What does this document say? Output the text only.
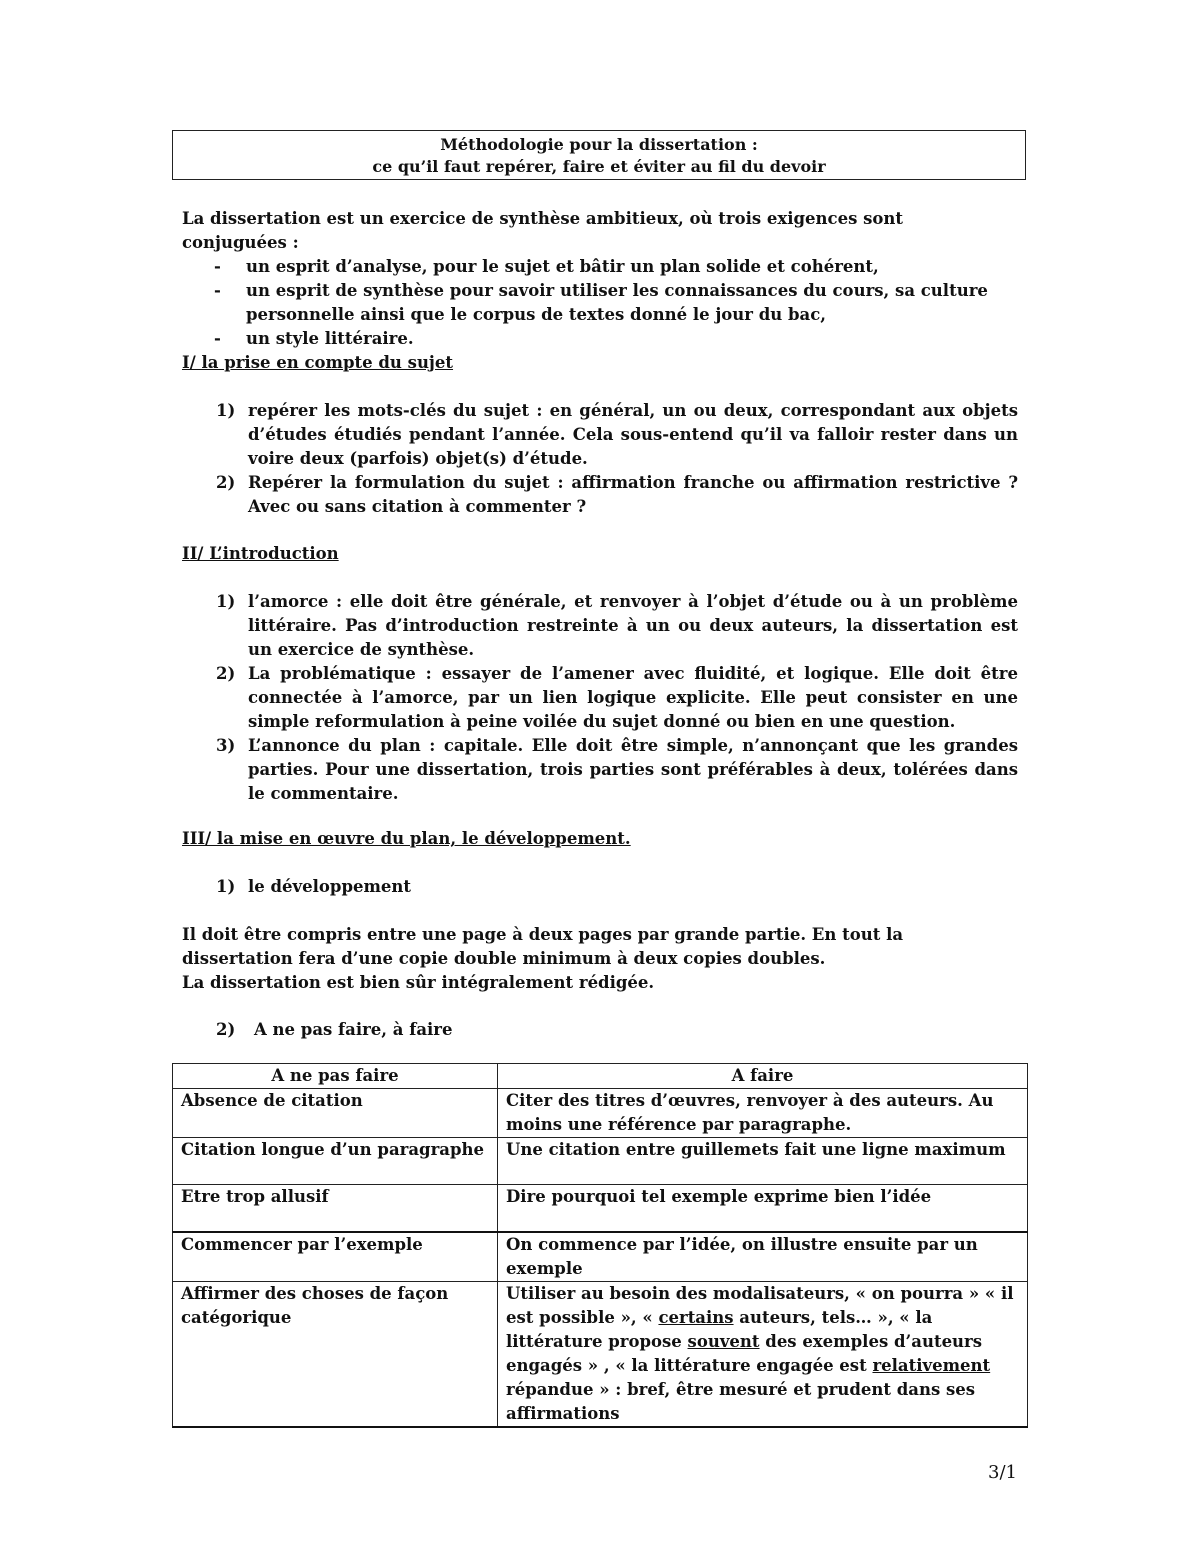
Méthodologie pour la dissertation :
ce qu’il faut repérer, faire et éviter au fil du devoir
La dissertation est un exercice de synthèse ambitieux, où trois exigences sont conjuguées :
- un esprit d’analyse, pour le sujet et bâtir un plan solide et cohérent,
- un esprit de synthèse pour savoir utiliser les connaissances du cours, sa culture personnelle ainsi que le corpus de textes donné le jour du bac,
- un style littéraire.
I/ la prise en compte du sujet
1) repérer les mots-clés du sujet : en général, un ou deux, correspondant aux objets d’études étudiés pendant l’année. Cela sous-entend qu’il va falloir rester dans un voire deux (parfois) objet(s) d’étude.
2) Repérer la formulation du sujet : affirmation franche ou affirmation restrictive ? Avec ou sans citation à commenter ?
II/ L’introduction
1) l’amorce : elle doit être générale, et renvoyer à l’objet d’étude ou à un problème littéraire. Pas d’introduction restreinte à un ou deux auteurs, la dissertation est un exercice de synthèse.
2) La problématique : essayer de l’amener avec fluidité, et logique. Elle doit être connectée à l’amorce, par un lien logique explicite. Elle peut consister en une simple reformulation à peine voilée du sujet donné ou bien en une question.
3) L’annonce du plan : capitale. Elle doit être simple, n’annonçant que les grandes parties. Pour une dissertation, trois parties sont préférables à deux, tolérées dans le commentaire.
III/ la mise en œuvre du plan, le développement.
1) le développement
Il doit être compris entre une page à deux pages par grande partie. En tout la dissertation fera d’une copie double minimum à deux copies doubles.
La dissertation est bien sûr intégralement rédigée.
2) A ne pas faire, à faire
A ne pas faire	A faire
Absence de citation	Citer des titres d’œuvres, renvoyer à des auteurs. Au moins une référence par paragraphe.
Citation longue d’un paragraphe	Une citation entre guillemets fait une ligne maximum
Etre trop allusif	Dire pourquoi tel exemple exprime bien l’idée
Commencer par l’exemple	On commence par l’idée, on illustre ensuite par un exemple
Affirmer des choses de façon catégorique	Utiliser au besoin des modalisateurs, « on pourra » « il est possible », « certains auteurs, tels… », « la littérature propose souvent des exemples d’auteurs engagés » , « la littérature engagée est relativement répandue » : bref, être mesuré et prudent dans ses affirmations
3/1
